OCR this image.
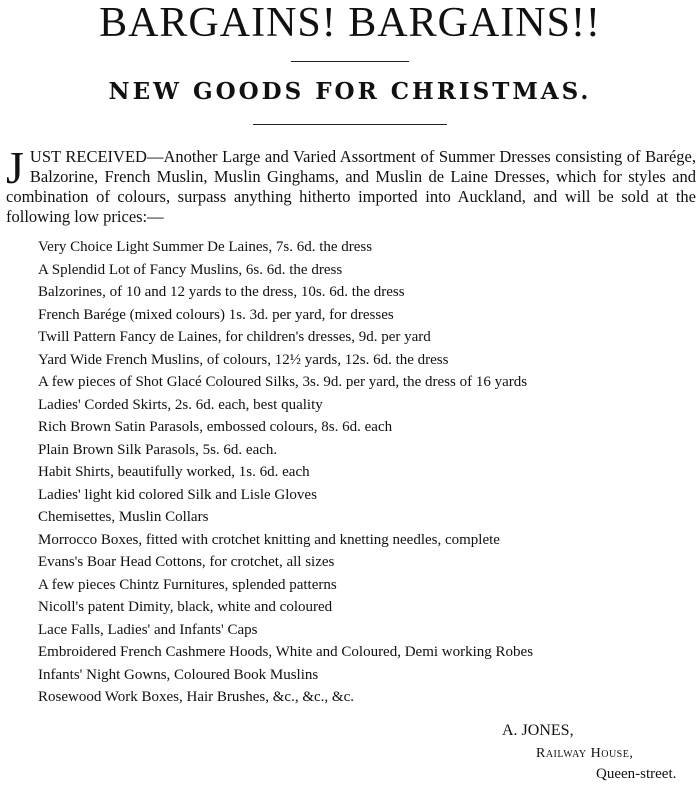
BARGAINS! BARGAINS!!
NEW GOODS FOR CHRISTMAS.
JUST RECEIVED—Another Large and Varied Assortment of Summer Dresses consisting of Barége, Balzorine, French Muslin, Muslin Ginghams, and Muslin de Laine Dresses, which for styles and combination of colours, surpass anything hitherto imported into Auckland, and will be sold at the following low prices:—
Very Choice Light Summer De Laines, 7s. 6d. the dress
A Splendid Lot of Fancy Muslins, 6s. 6d. the dress
Balzorines, of 10 and 12 yards to the dress, 10s. 6d. the dress
French Barége (mixed colours) 1s. 3d. per yard, for dresses
Twill Pattern Fancy de Laines, for children's dresses, 9d. per yard
Yard Wide French Muslins, of colours, 12½ yards, 12s. 6d. the dress
A few pieces of Shot Glacé Coloured Silks, 3s. 9d. per yard, the dress of 16 yards
Ladies' Corded Skirts, 2s. 6d. each, best quality
Rich Brown Satin Parasols, embossed colours, 8s. 6d. each
Plain Brown Silk Parasols, 5s. 6d. each.
Habit Shirts, beautifully worked, 1s. 6d. each
Ladies' light kid colored Silk and Lisle Gloves
Chemisettes, Muslin Collars
Morrocco Boxes, fitted with crotchet knitting and knetting needles, complete
Evans's Boar Head Cottons, for crotchet, all sizes
A few pieces Chintz Furnitures, splended patterns
Nicoll's patent Dimity, black, white and coloured
Lace Falls, Ladies' and Infants' Caps
Embroidered French Cashmere Hoods, White and Coloured, Demi working Robes
Infants' Night Gowns, Coloured Book Muslins
Rosewood Work Boxes, Hair Brushes, &c., &c., &c.
A. JONES,
Railway House,
Queen-street.
